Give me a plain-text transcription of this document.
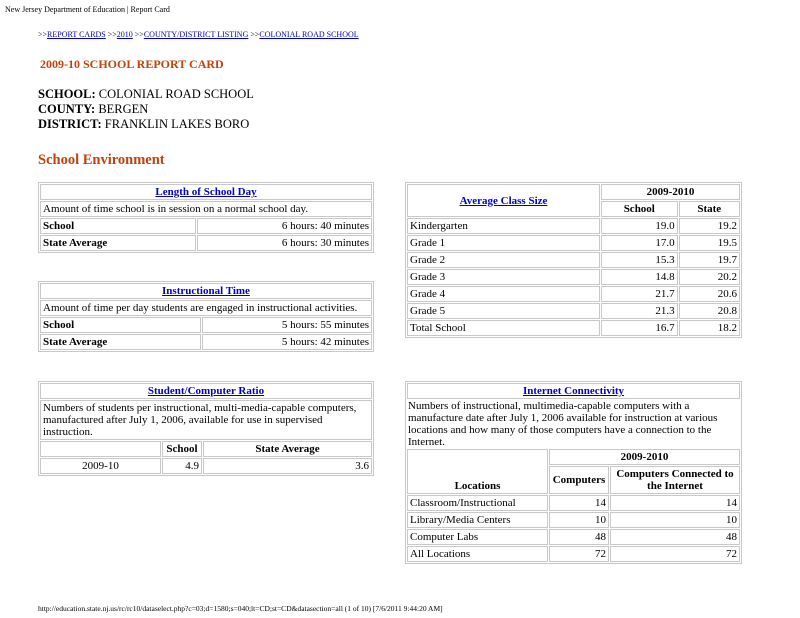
New Jersey Department of Education | Report Card
>>REPORT CARDS >>2010 >>COUNTY/DISTRICT LISTING >>COLONIAL ROAD SCHOOL
2009-10 SCHOOL REPORT CARD
SCHOOL: COLONIAL ROAD SCHOOL
COUNTY: BERGEN
DISTRICT: FRANKLIN LAKES BORO
School Environment
Length of School Day	
Amount of time school is in session on a normal school day.	
School	6 hours: 40 minutes
State Average	6 hours: 30 minutes
Instructional Time	
Amount of time per day students are engaged in instructional activities.	
School	5 hours: 55 minutes
State Average	5 hours: 42 minutes
Student/Computer Ratio		
Numbers of students per instructional, multi-media-capable computers, manufactured after July 1, 2006, available for use in supervised instruction.		
	School	State Average
2009-10	4.9	3.6
Average Class Size	2009-2010	
	School	State
Kindergarten	19.0	19.2
Grade 1	17.0	19.5
Grade 2	15.3	19.7
Grade 3	14.8	20.2
Grade 4	21.7	20.6
Grade 5	21.3	20.8
Total School	16.7	18.2
Internet Connectivity		
Numbers of instructional, multimedia-capable computers with a manufacture date after July 1, 2006 available for instruction at various locations and how many of those computers have a connection to the Internet.		
Locations	2009-2010	
	Computers	Computers Connected to the Internet
Classroom/Instructional	14	14
Library/Media Centers	10	10
Computer Labs	48	48
All Locations	72	72
http://education.state.nj.us/rc/rc10/dataselect.php?c=03;d=1580;s=040;lt=CD;st=CD&datasection=all (1 of 10) [7/6/2011 9:44:20 AM]
